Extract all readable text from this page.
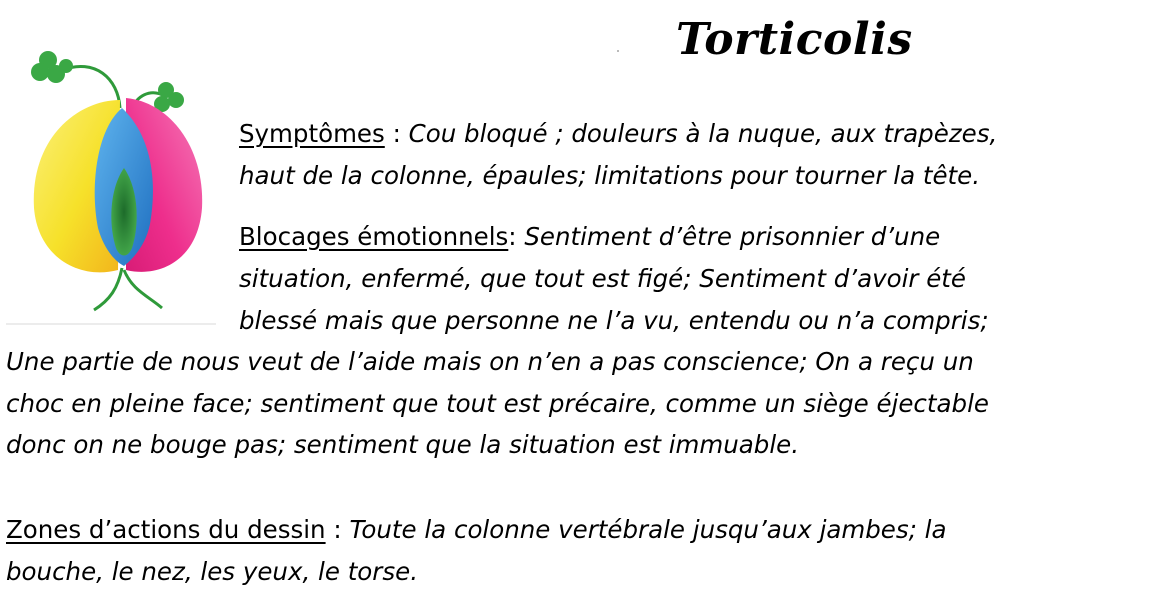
Torticolis
Symptômes : Cou bloqué ; douleurs à la nuque, aux trapèzes,
haut de la colonne, épaules; limitations pour tourner la tête.
Blocages émotionnels: Sentiment d’être prisonnier d’une
situation, enfermé, que tout est figé; Sentiment d’avoir été
blessé mais que personne ne l’a vu, entendu ou n’a compris;
Une partie de nous veut de l’aide mais on n’en a pas conscience; On a reçu un
choc en pleine face; sentiment que tout est précaire, comme un siège éjectable
donc on ne bouge pas; sentiment que la situation est immuable.
Zones d’actions du dessin : Toute la colonne vertébrale jusqu’aux jambes; la
bouche, le nez, les yeux, le torse.
